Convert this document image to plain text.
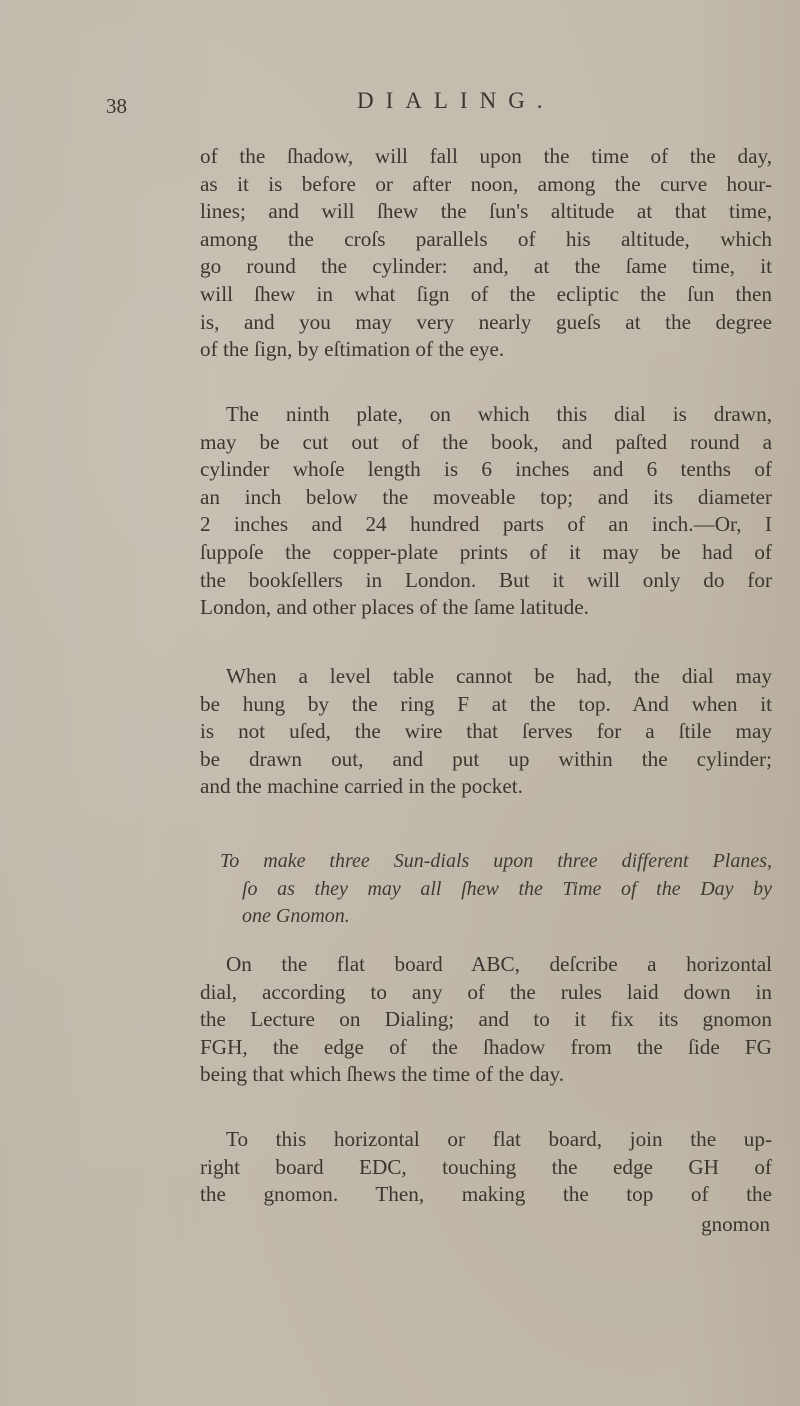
38	DIALING.
of the ſhadow, will fall upon the time of the day,
as it is before or after noon, among the curve hour-
lines; and will ſhew the ſun's altitude at that time,
among the croſs parallels of his altitude, which
go round the cylinder: and, at the ſame time, it
will ſhew in what ſign of the ecliptic the ſun then
is, and you may very nearly gueſs at the degree
of the ſign, by eſtimation of the eye.
The ninth plate, on which this dial is drawn,
may be cut out of the book, and paſted round a
cylinder whoſe length is 6 inches and 6 tenths of
an inch below the moveable top; and its diameter
2 inches and 24 hundred parts of an inch.—Or, I
ſuppoſe the copper-plate prints of it may be had of
the bookſellers in London. But it will only do for
London, and other places of the ſame latitude.
When a level table cannot be had, the dial may
be hung by the ring F at the top. And when it
is not uſed, the wire that ſerves for a ſtile may
be drawn out, and put up within the cylinder;
and the machine carried in the pocket.
To make three Sun-dials upon three different Planes,
ſo as they may all ſhew the Time of the Day by
one Gnomon.
On the flat board ABC, deſcribe a horizontal
dial, according to any of the rules laid down in
the Lecture on Dialing; and to it fix its gnomon
FGH, the edge of the ſhadow from the ſide FG
being that which ſhews the time of the day.
To this horizontal or flat board, join the up-
right board EDC, touching the edge GH of
the gnomon. Then, making the top of the
gnomon
